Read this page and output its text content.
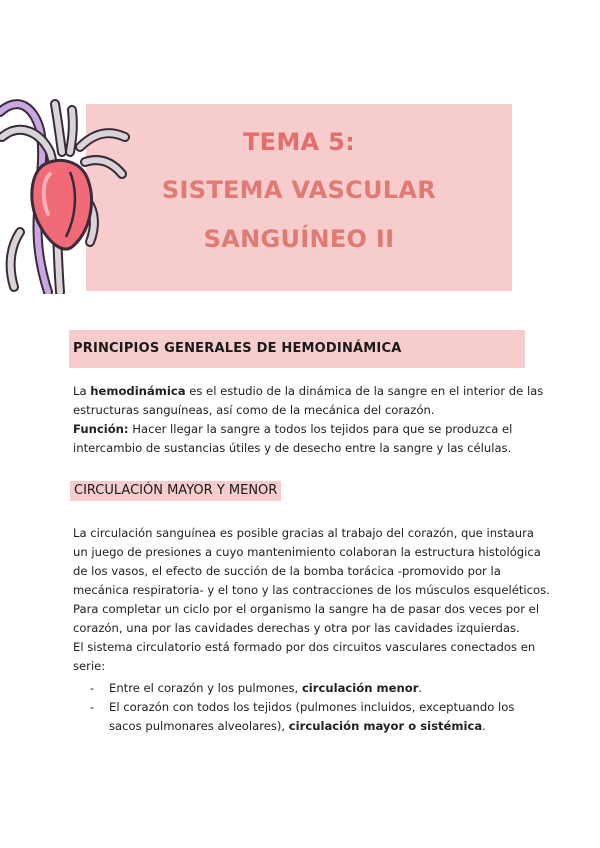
TEMA 5:
SISTEMA VASCULAR
SANGUÍNEO II
PRINCIPIOS GENERALES DE HEMODINÁMICA
La hemodinámica es el estudio de la dinámica de la sangre en el interior de las
estructuras sanguíneas, así como de la mecánica del corazón.
Función: Hacer llegar la sangre a todos los tejidos para que se produzca el
intercambio de sustancias útiles y de desecho entre la sangre y las células.
CIRCULACIÓN MAYOR Y MENOR
La circulación sanguínea es posible gracias al trabajo del corazón, que instaura
un juego de presiones a cuyo mantenimiento colaboran la estructura histológica
de los vasos, el efecto de succión de la bomba torácica -promovido por la
mecánica respiratoria- y el tono y las contracciones de los músculos esqueléticos.
Para completar un ciclo por el organismo la sangre ha de pasar dos veces por el
corazón, una por las cavidades derechas y otra por las cavidades izquierdas.
El sistema circulatorio está formado por dos circuitos vasculares conectados en
serie:
- Entre el corazón y los pulmones, circulación menor.
- El corazón con todos los tejidos (pulmones incluidos, exceptuando los
sacos pulmonares alveolares), circulación mayor o sistémica.
